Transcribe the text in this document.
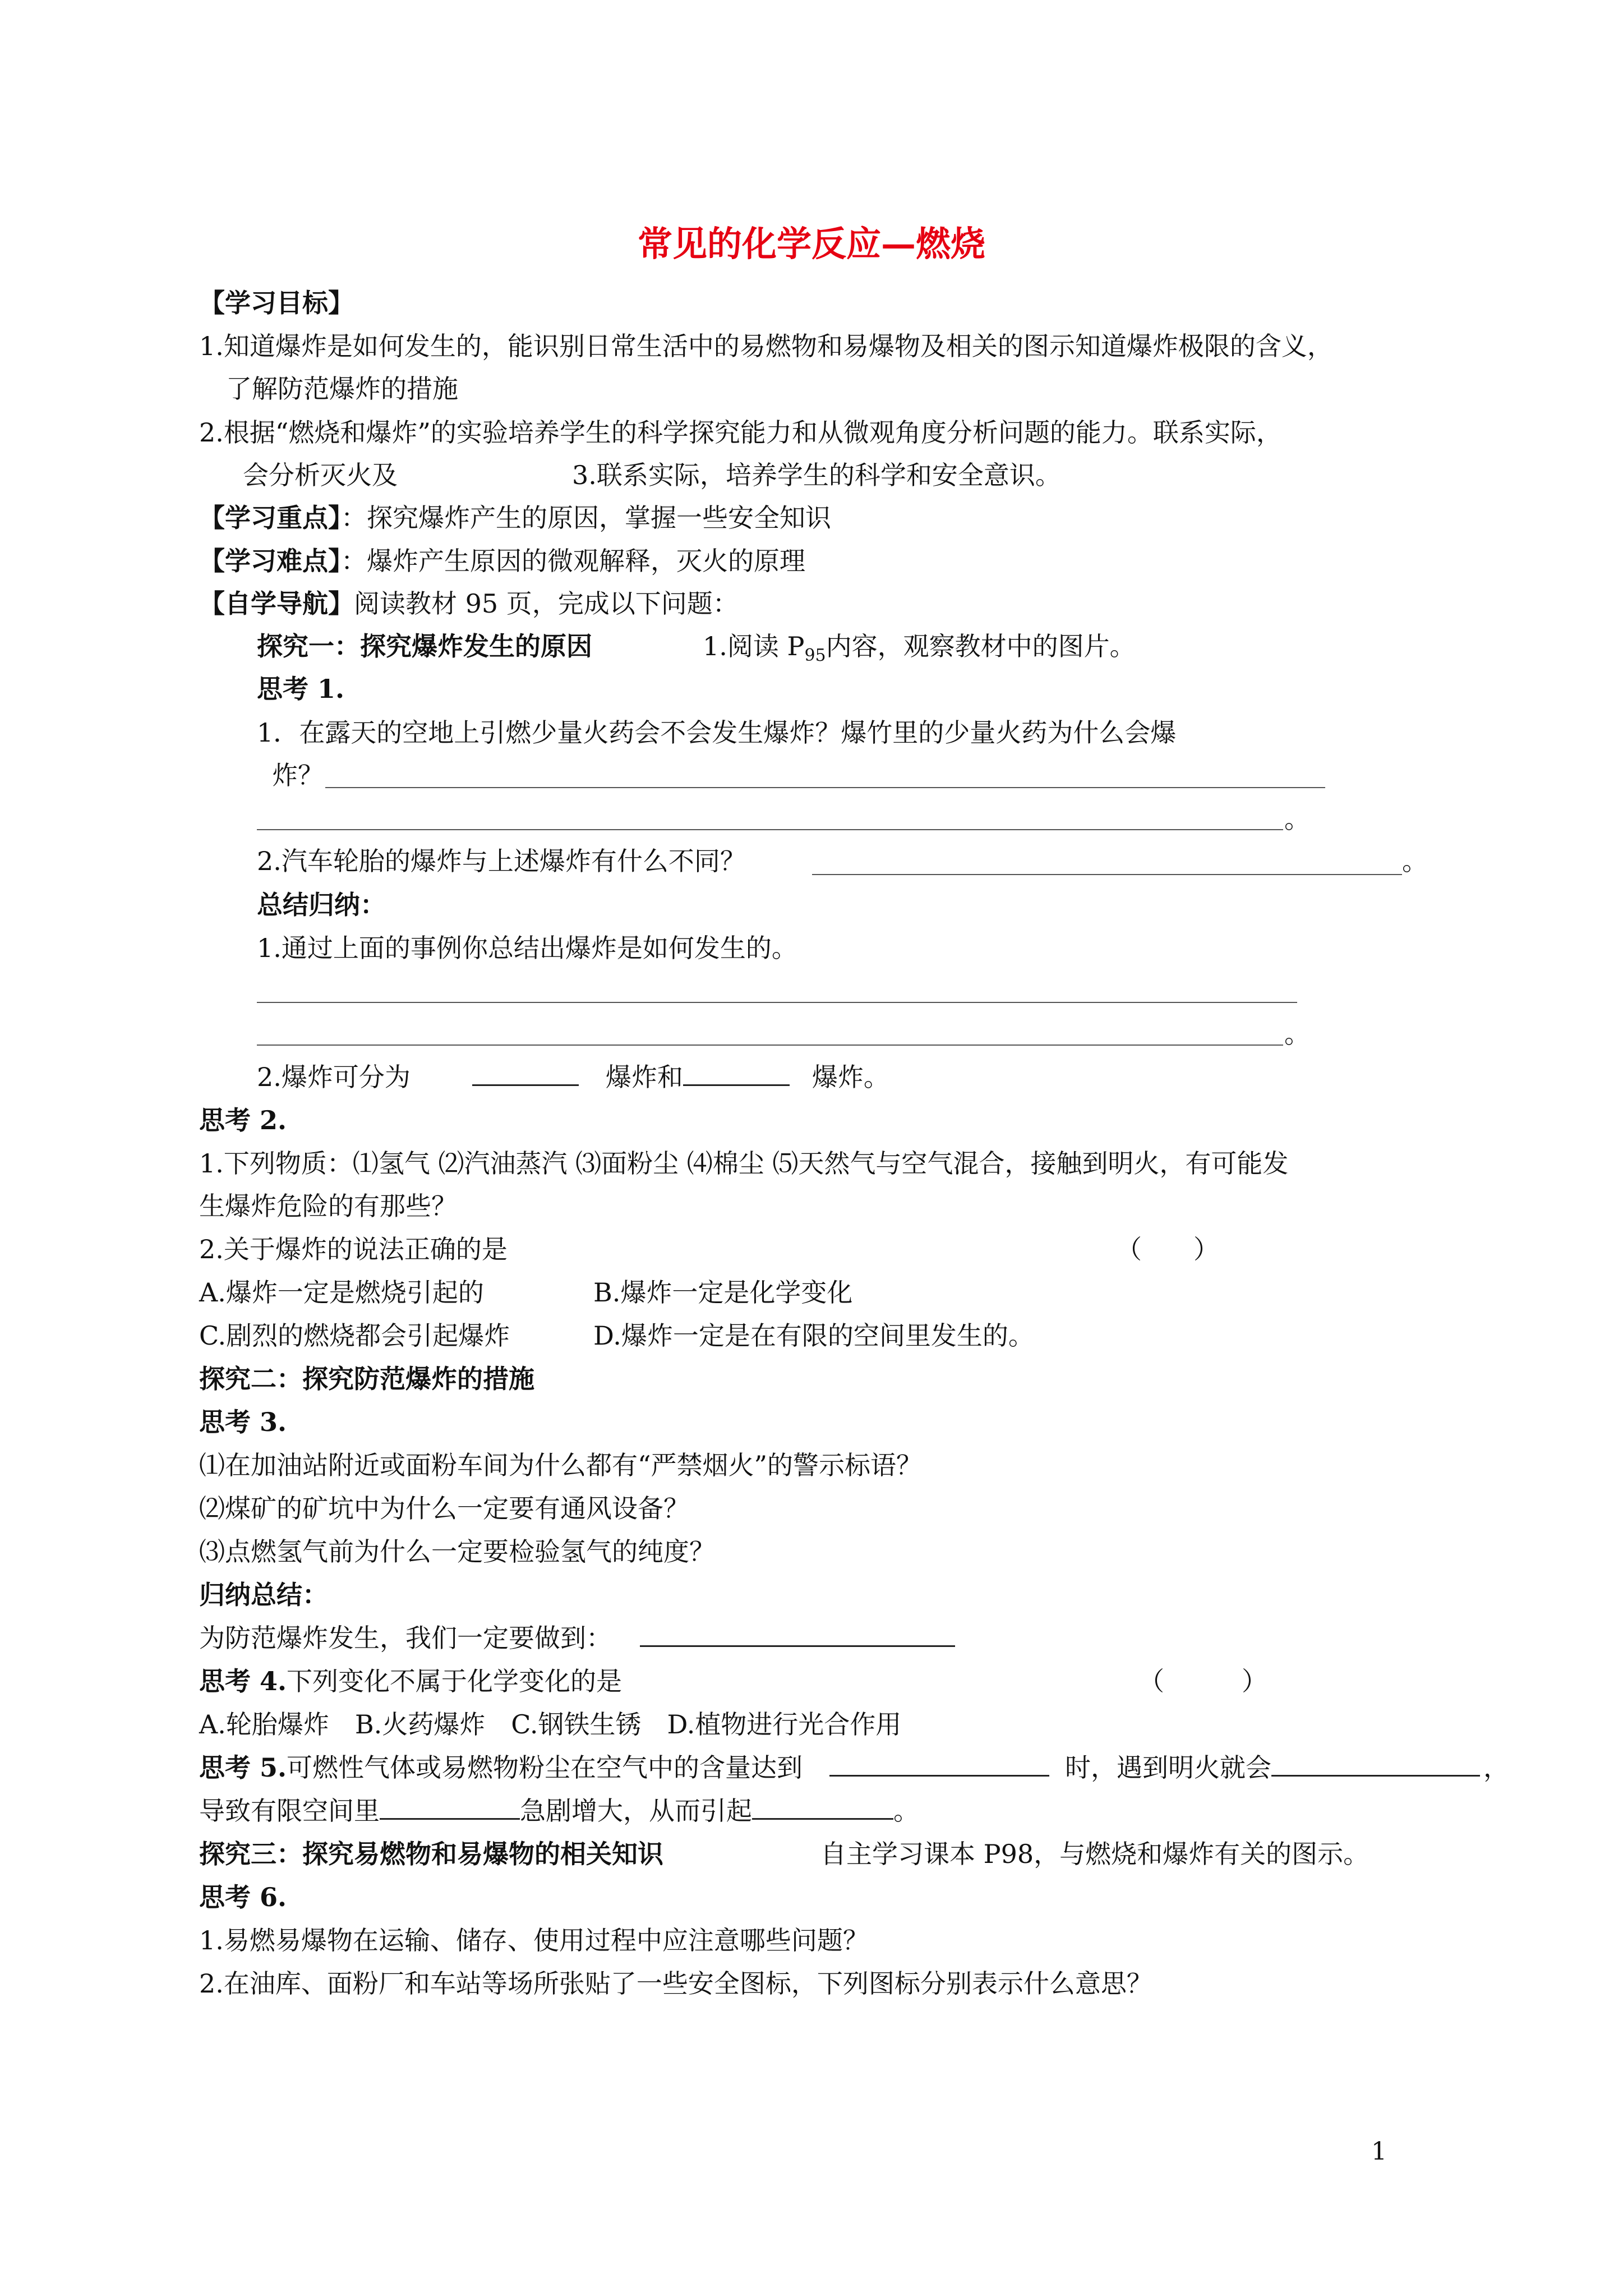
常见的化学反应—燃烧
【学习目标】
1.知道爆炸是如何发生的，能识别日常生活中的易燃物和易爆物及相关的图示知道爆炸极限的含义，
了解防范爆炸的措施
2.根据“燃烧和爆炸”的实验培养学生的科学探究能力和从微观角度分析问题的能力。联系实际，
会分析灭火及	3.联系实际，培养学生的科学和安全意识。
【学习重点】：探究爆炸产生的原因，掌握一些安全知识
【学习难点】：爆炸产生原因的微观解释，灭火的原理
【自学导航】阅读教材 95 页，完成以下问题：
探究一：探究爆炸发生的原因	1.阅读 $P_{95}$内容，观察教材中的图片。
思考 1.
1．在露天的空地上引燃少量火药会不会发生爆炸？爆竹里的少量火药为什么会爆
炸？
。
2.汽车轮胎的爆炸与上述爆炸有什么不同？	。
总结归纳：
1.通过上面的事例你总结出爆炸是如何发生的。
。
2.爆炸可分为	爆炸和	爆炸。
思考 2.
1.下列物质：⑴氢气 ⑵汽油蒸汽 ⑶面粉尘 ⑷棉尘 ⑸天然气与空气混合，接触到明火，有可能发
生爆炸危险的有那些？
2.关于爆炸的说法正确的是	（　　）
A.爆炸一定是燃烧引起的	B.爆炸一定是化学变化
C.剧烈的燃烧都会引起爆炸	D.爆炸一定是在有限的空间里发生的。
探究二：探究防范爆炸的措施
思考 3.
⑴在加油站附近或面粉车间为什么都有“严禁烟火”的警示标语？
⑵煤矿的矿坑中为什么一定要有通风设备？
⑶点燃氢气前为什么一定要检验氢气的纯度？
归纳总结：
为防范爆炸发生，我们一定要做到：
思考 4.下列变化不属于化学变化的是	（　　　）
A.轮胎爆炸　B.火药爆炸　C.钢铁生锈　D.植物进行光合作用
思考 5.可燃性气体或易燃物粉尘在空气中的含量达到	时，遇到明火就会	，
导致有限空间里	急剧增大，从而引起	。
探究三：探究易燃物和易爆物的相关知识	自主学习课本 P98，与燃烧和爆炸有关的图示。
思考 6.
1.易燃易爆物在运输、储存、使用过程中应注意哪些问题？
2.在油库、面粉厂和车站等场所张贴了一些安全图标，下列图标分别表示什么意思？
1
